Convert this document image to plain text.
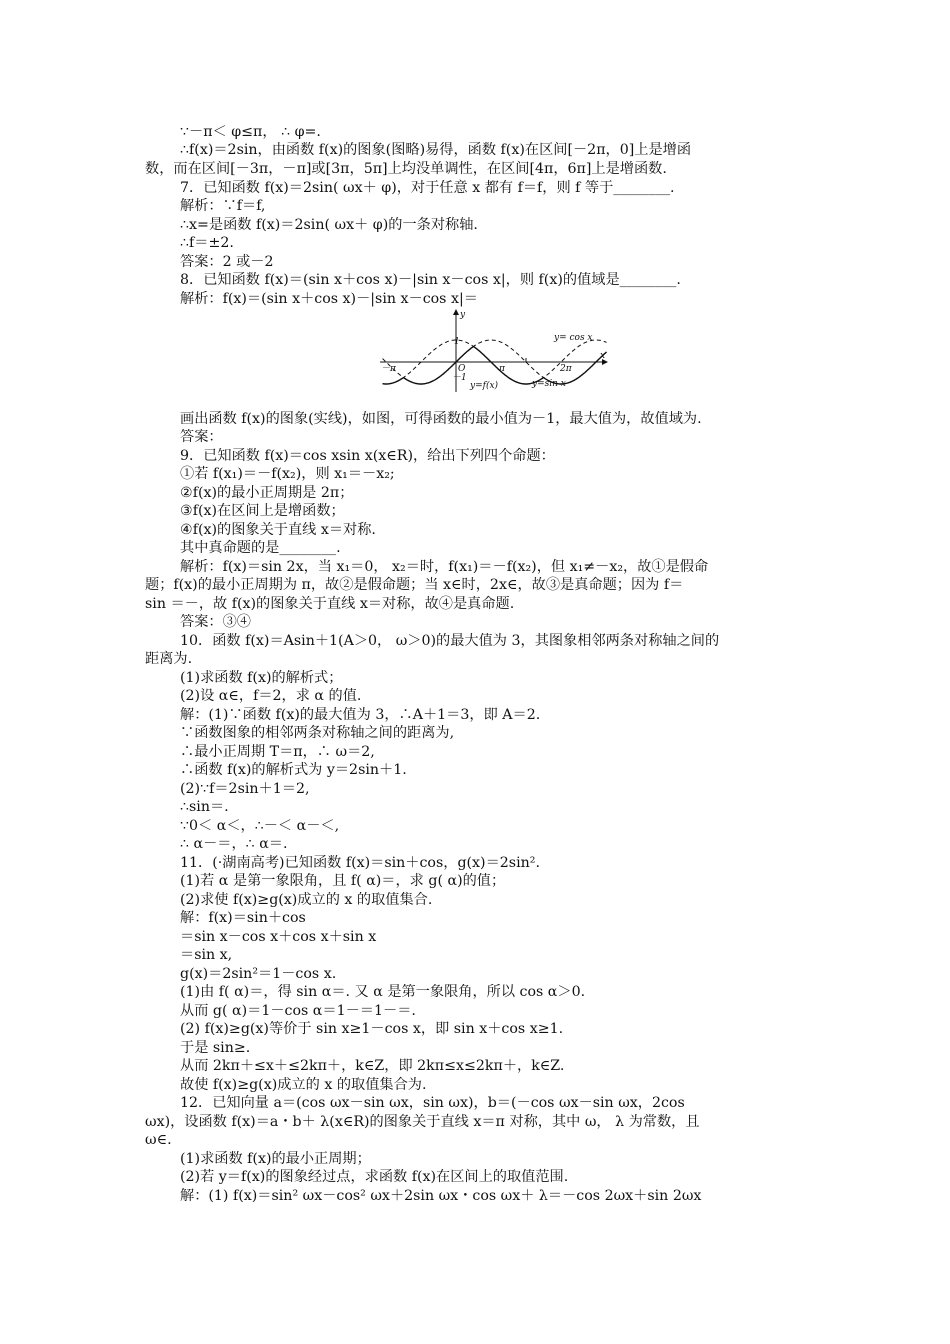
∵－π＜ φ≤π， ∴ φ=.
∴f(x)＝2sin，由函数 f(x)的图象(图略)易得，函数 f(x)在区间[－2π，0]上是增函
数，而在区间[－3π，－π]或[3π，5π]上均没单调性，在区间[4π，6π]上是增函数.
7．已知函数 f(x)＝2sin( ωx＋ φ)，对于任意 x 都有 f＝f，则 f 等于________.
解析：∵f＝f,
∴x=是函数 f(x)＝2sin( ωx＋ φ)的一条对称轴.
∴f＝±2.
答案：2 或－2
8．已知函数 f(x)＝(sin x＋cos x)－|sin x－cos x|，则 f(x)的值域是________.
解析：f(x)＝(sin x＋cos x)－|sin x－cos x|＝
x
y
－π	O
1
－1
π	2π
y= cos x
y=sin x
y=f(x)
画出函数 f(x)的图象(实线)，如图，可得函数的最小值为－1，最大值为，故值域为.
答案：
9．已知函数 f(x)＝cos xsin x(x∈R)，给出下列四个命题：
①若 f(x₁)＝－f(x₂)，则 x₁＝－x₂;
②f(x)的最小正周期是 2π；
③f(x)在区间上是增函数；
④f(x)的图象关于直线 x＝对称.
其中真命题的是________.
解析：f(x)＝sin 2x，当 x₁＝0， x₂＝时，f(x₁)＝－f(x₂)，但 x₁≠－x₂，故①是假命
题；f(x)的最小正周期为 π，故②是假命题；当 x∈时，2x∈，故③是真命题；因为 f＝
sin ＝－，故 f(x)的图象关于直线 x＝对称，故④是真命题.
答案：③④
10．函数 f(x)＝Asin＋1(A＞0， ω＞0)的最大值为 3，其图象相邻两条对称轴之间的
距离为.
(1)求函数 f(x)的解析式；
(2)设 α∈，f＝2，求 α 的值.
解：(1)∵函数 f(x)的最大值为 3，∴A＋1＝3，即 A＝2.
∵函数图象的相邻两条对称轴之间的距离为,
∴最小正周期 T＝π，∴ ω＝2,
∴函数 f(x)的解析式为 y＝2sin＋1.
(2)∵f＝2sin＋1＝2,
∴sin＝.
∵0＜ α＜，∴－＜ α－＜,
∴ α－＝，∴ α＝.
11．(·湖南高考)已知函数 f(x)＝sin＋cos，g(x)＝2sin².
(1)若 α 是第一象限角，且 f( α)＝，求 g( α)的值；
(2)求使 f(x)≥g(x)成立的 x 的取值集合.
解：f(x)＝sin＋cos
＝sin x－cos x＋cos x＋sin x
＝sin x,
g(x)＝2sin²＝1－cos x.
(1)由 f( α)＝，得 sin α＝. 又 α 是第一象限角，所以 cos α＞0.
从而 g( α)＝1－cos α＝1－＝1－＝.
(2) f(x)≥g(x)等价于 sin x≥1－cos x，即 sin x＋cos x≥1.
于是 sin≥.
从而 2kπ＋≤x＋≤2kπ＋，k∈Z，即 2kπ≤x≤2kπ＋，k∈Z.
故使 f(x)≥g(x)成立的 x 的取值集合为.
12．已知向量 a＝(cos ωx－sin ωx，sin ωx)，b＝(－cos ωx－sin ωx，2cos
ωx)，设函数 f(x)＝a・b＋ λ(x∈R)的图象关于直线 x＝π 对称，其中 ω， λ 为常数，且
ω∈.
(1)求函数 f(x)的最小正周期；
(2)若 y＝f(x)的图象经过点，求函数 f(x)在区间上的取值范围.
解：(1) f(x)＝sin² ωx－cos² ωx＋2sin ωx・cos ωx＋ λ＝－cos 2ωx＋sin 2ωx
